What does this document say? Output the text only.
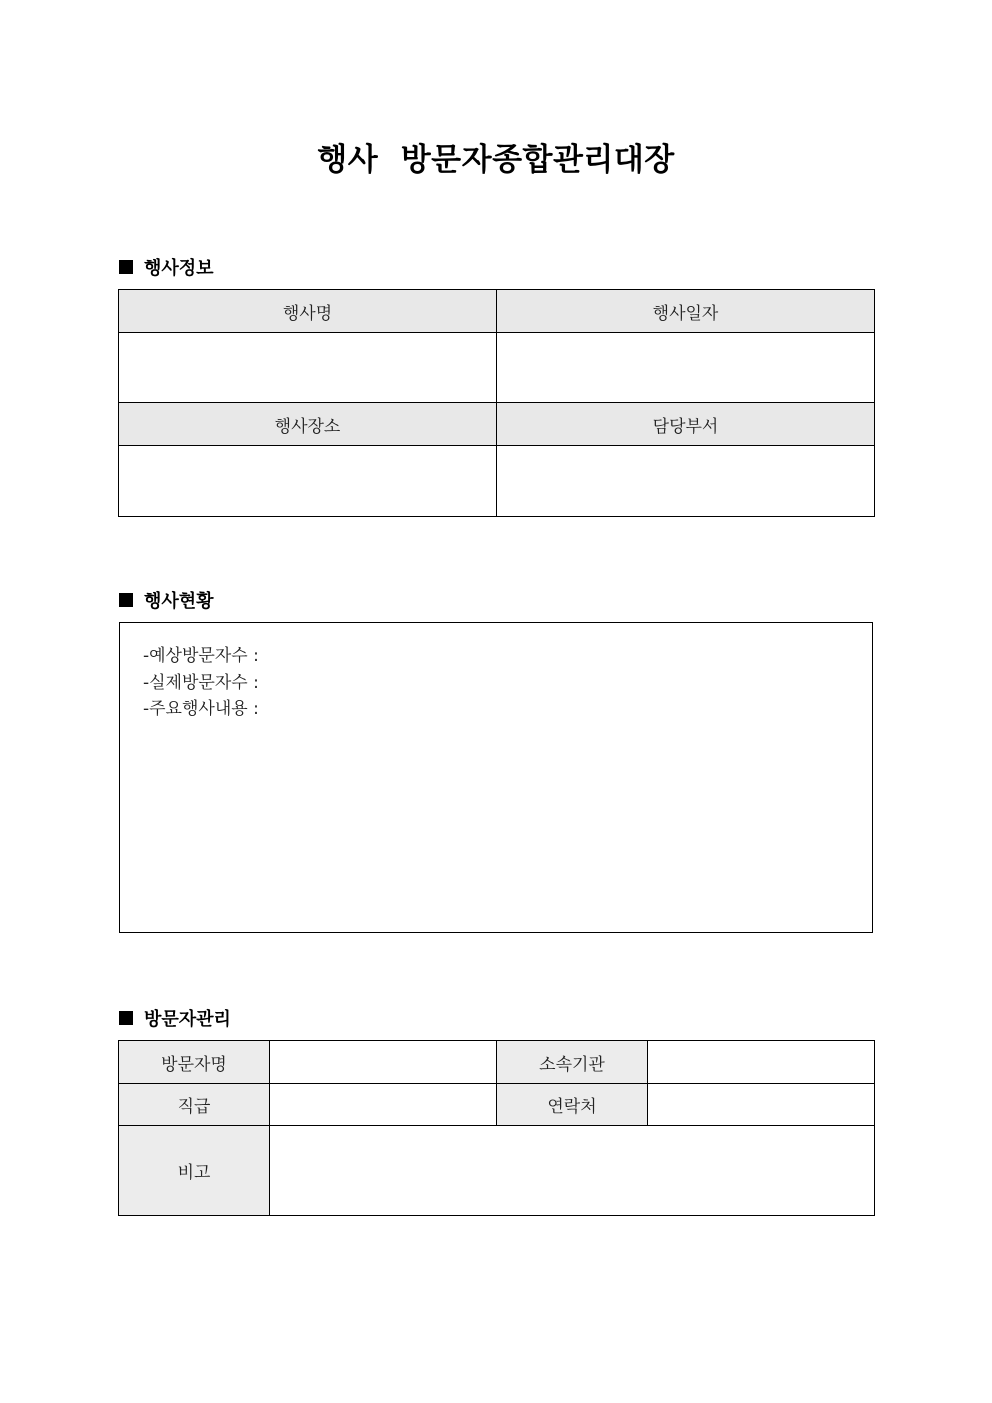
행사  방문자종합관리대장
행사정보
행사명	행사일자

행사장소	담당부서

행사현황
-예상방문자수 :
-실제방문자수 :
-주요행사내용 :
방문자관리
방문자명		소속기관	
직급		연락처	
비고			
